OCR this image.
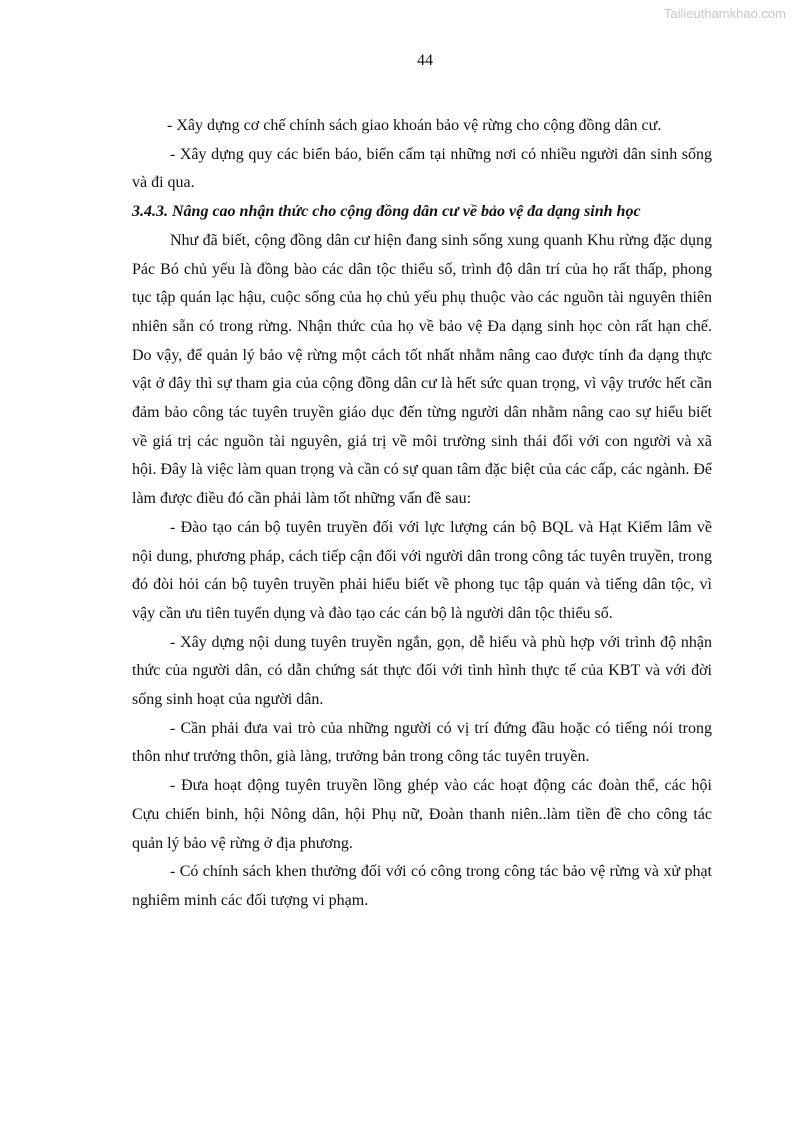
Tailieuthamkhao.com
44

- Xây dựng cơ chế chính sách giao khoán bảo vệ rừng cho cộng đồng dân cư.

- Xây dựng quy các biển báo, biển cấm tại những nơi có nhiều người dân sinh sống và đi qua.

3.4.3. Nâng cao nhận thức cho cộng đồng dân cư về bảo vệ đa dạng sinh học

Như đã biết, cộng đồng dân cư hiện đang sinh sống xung quanh Khu rừng đặc dụng Pác Bó chủ yếu là đồng bào các dân tộc thiểu số, trình độ dân trí của họ rất thấp, phong tục tập quán lạc hậu, cuộc sống của họ chủ yếu phụ thuộc vào các nguồn tài nguyên thiên nhiên sẵn có trong rừng. Nhận thức của họ về bảo vệ Đa dạng sinh học còn rất hạn chế. Do vậy, để quản lý bảo vệ rừng một cách tốt nhất nhằm nâng cao được tính đa dạng thực vật ở đây thì sự tham gia của cộng đồng dân cư là hết sức quan trọng, vì vậy trước hết cần đảm bảo công tác tuyên truyền giáo dục đến từng người dân nhằm nâng cao sự hiểu biết về giá trị các nguồn tài nguyên, giá trị về môi trường sinh thái đối với con người và xã hội. Đây là việc làm quan trọng và cần có sự quan tâm đặc biệt của các cấp, các ngành. Để làm được điều đó cần phải làm tốt những vấn đề sau:

- Đào tạo cán bộ tuyên truyền đối với lực lượng cán bộ BQL và Hạt Kiểm lâm về nội dung, phương pháp, cách tiếp cận đối với người dân trong công tác tuyên truyền, trong đó đòi hỏi cán bộ tuyên truyền phải hiểu biết về phong tục tập quán và tiếng dân tộc, vì vậy cần ưu tiên tuyển dụng và đào tạo các cán bộ là người dân tộc thiểu số.

- Xây dựng nội dung tuyên truyền ngắn, gọn, dễ hiểu và phù hợp với trình độ nhận thức của người dân, có dẫn chứng sát thực đối với tình hình thực tế của KBT và với đời sống sinh hoạt của người dân.

- Cần phải đưa vai trò của những người có vị trí đứng đầu hoặc có tiếng nói trong thôn như trưởng thôn, già làng, trưởng bản trong công tác tuyên truyền.

- Đưa hoạt động tuyên truyền lồng ghép vào các hoạt động các đoàn thể, các hội Cựu chiến binh, hội Nông dân, hội Phụ nữ, Đoàn thanh niên..làm tiền đề cho công tác quản lý bảo vệ rừng ở địa phương.

- Có chính sách khen thưởng đối với có công trong công tác bảo vệ rừng và xử phạt nghiêm minh các đối tượng vi phạm.
